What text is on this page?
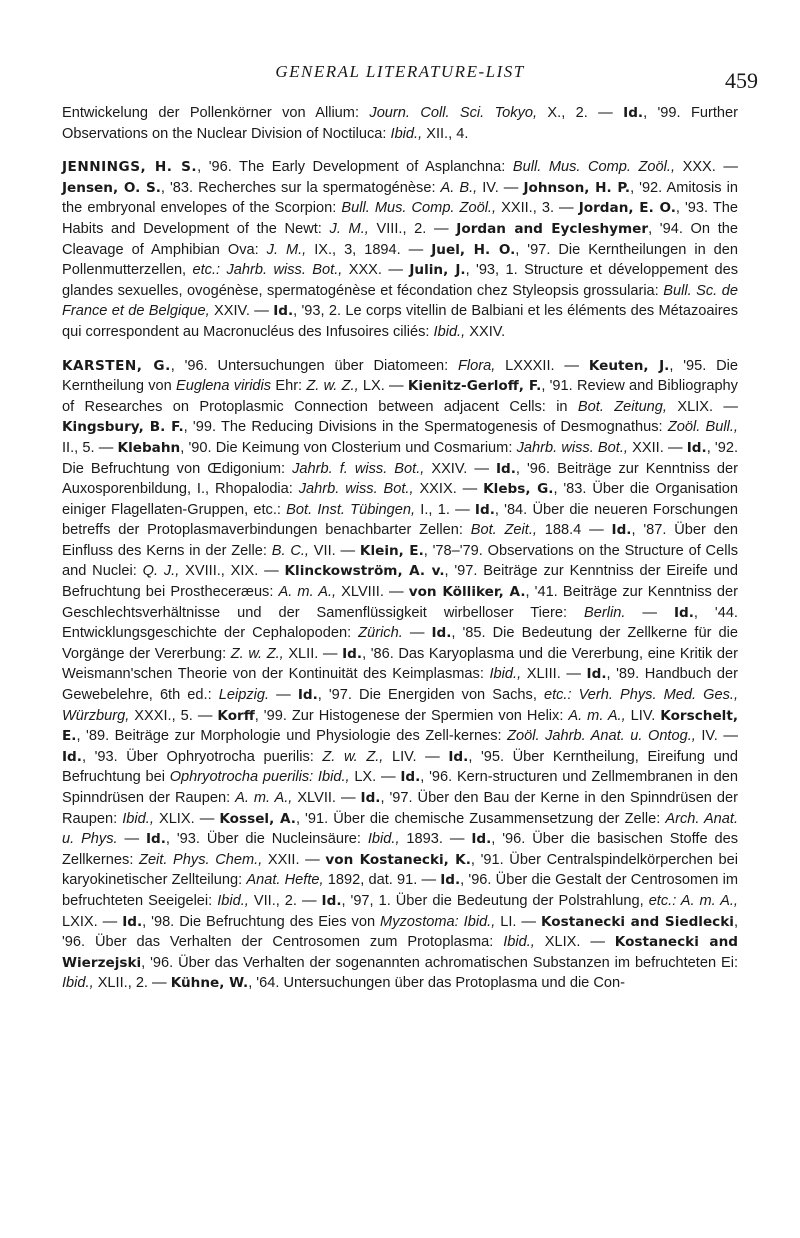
GENERAL LITERATURE-LIST	459

Entwickelung der Pollenkörner von Allium: Journ. Coll. Sci. Tokyo, X., 2. — Id., '99. Further Observations on the Nuclear Division of Noctiluca: Ibid., XII., 4.

JENNINGS, H. S., '96. The Early Development of Asplanchna: Bull. Mus. Comp. Zoöl., XXX. — Jensen, O. S., '83. Recherches sur la spermatogénèse: A. B., IV. — Johnson, H. P., '92. Amitosis in the embryonal envelopes of the Scorpion: Bull. Mus. Comp. Zoöl., XXII., 3. — Jordan, E. O., '93. The Habits and Development of the Newt: J. M., VIII., 2. — Jordan and Eycleshymer, '94. On the Cleavage of Amphibian Ova: J. M., IX., 3, 1894. — Juel, H. O., '97. Die Kerntheilungen in den Pollenmutterzellen, etc.: Jahrb. wiss. Bot., XXX. — Julin, J., '93, 1. Structure et développement des glandes sexuelles, ovogénèse, spermatogénèse et fécondation chez Styleopsis grossularia: Bull. Sc. de France et de Belgique, XXIV. — Id., '93, 2. Le corps vitellin de Balbiani et les éléments des Métazoaires qui correspondent au Macronucléus des Infusoires ciliés: Ibid., XXIV.

KARSTEN, G., '96. Untersuchungen über Diatomeen: Flora, LXXXII. — Keuten, J., '95. Die Kerntheilung von Euglena viridis Ehr: Z. w. Z., LX. — Kienitz-Gerloff, F., '91. Review and Bibliography of Researches on Protoplasmic Connection between adjacent Cells: in Bot. Zeitung, XLIX. — Kingsbury, B. F., '99. The Reducing Divisions in the Spermatogenesis of Desmognathus: Zoöl. Bull., II., 5. — Klebahn, '90. Die Keimung von Closterium und Cosmarium: Jahrb. wiss. Bot., XXII. — Id., '92. Die Befruchtung von Œdigonium: Jahrb. f. wiss. Bot., XXIV. — Id., '96. Beiträge zur Kenntniss der Auxosporenbildung, I., Rhopalodia: Jahrb. wiss. Bot., XXIX. — Klebs, G., '83. Über die Organisation einiger Flagellaten-Gruppen, etc.: Bot. Inst. Tübingen, I., 1. — Id., '84. Über die neueren Forschungen betreffs der Protoplasmaverbindungen benachbarter Zellen: Bot. Zeit., 188.4 — Id., '87. Über den Einfluss des Kerns in der Zelle: B. C., VII. — Klein, E., '78–'79. Observations on the Structure of Cells and Nuclei: Q. J., XVIII., XIX. — Klinckowström, A. v., '97. Beiträge zur Kenntniss der Eireife und Befruchtung bei Prostheceræus: A. m. A., XLVIII. — von Kölliker, A., '41. Beiträge zur Kenntniss der Geschlechtsverhältnisse und der Samenflüssigkeit wirbelloser Tiere: Berlin. — Id., '44. Entwicklungsgeschichte der Cephalopoden: Zürich. — Id., '85. Die Bedeutung der Zellkerne für die Vorgänge der Vererbung: Z. w. Z., XLII. — Id., '86. Das Karyoplasma und die Vererbung, eine Kritik der Weismann'schen Theorie von der Kontinuität des Keimplasmas: Ibid., XLIII. — Id., '89. Handbuch der Gewebelehre, 6th ed.: Leipzig. — Id., '97. Die Energiden von Sachs, etc.: Verh. Phys. Med. Ges., Würzburg, XXXI., 5. — Korff, '99. Zur Histogenese der Spermien von Helix: A. m. A., LIV. Korschelt, E., '89. Beiträge zur Morphologie und Physiologie des Zell-kernes: Zoöl. Jahrb. Anat. u. Ontog., IV. — Id., '93. Über Ophryotrocha puerilis: Z. w. Z., LIV. — Id., '95. Über Kerntheilung, Eireifung und Befruchtung bei Ophryotrocha puerilis: Ibid., LX. — Id., '96. Kern-structuren und Zellmembranen in den Spinndrüsen der Raupen: A. m. A., XLVII. — Id., '97. Über den Bau der Kerne in den Spinndrüsen der Raupen: Ibid., XLIX. — Kossel, A., '91. Über die chemische Zusammensetzung der Zelle: Arch. Anat. u. Phys. — Id., '93. Über die Nucleinsäure: Ibid., 1893. — Id., '96. Über die basischen Stoffe des Zellkernes: Zeit. Phys. Chem., XXII. — von Kostanecki, K., '91. Über Centralspindelkörperchen bei karyokinetischer Zellteilung: Anat. Hefte, 1892, dat. 91. — Id., '96. Über die Gestalt der Centrosomen im befruchteten Seeigelei: Ibid., VII., 2. — Id., '97, 1. Über die Bedeutung der Polstrahlung, etc.: A. m. A., LXIX. — Id., '98. Die Befruchtung des Eies von Myzostoma: Ibid., LI. — Kostanecki and Siedlecki, '96. Über das Verhalten der Centrosomen zum Protoplasma: Ibid., XLIX. — Kostanecki and Wierzejski, '96. Über das Verhalten der sogenannten achromatischen Substanzen im befruchteten Ei: Ibid., XLII., 2. — Kühne, W., '64. Untersuchungen über das Protoplasma und die Con-
